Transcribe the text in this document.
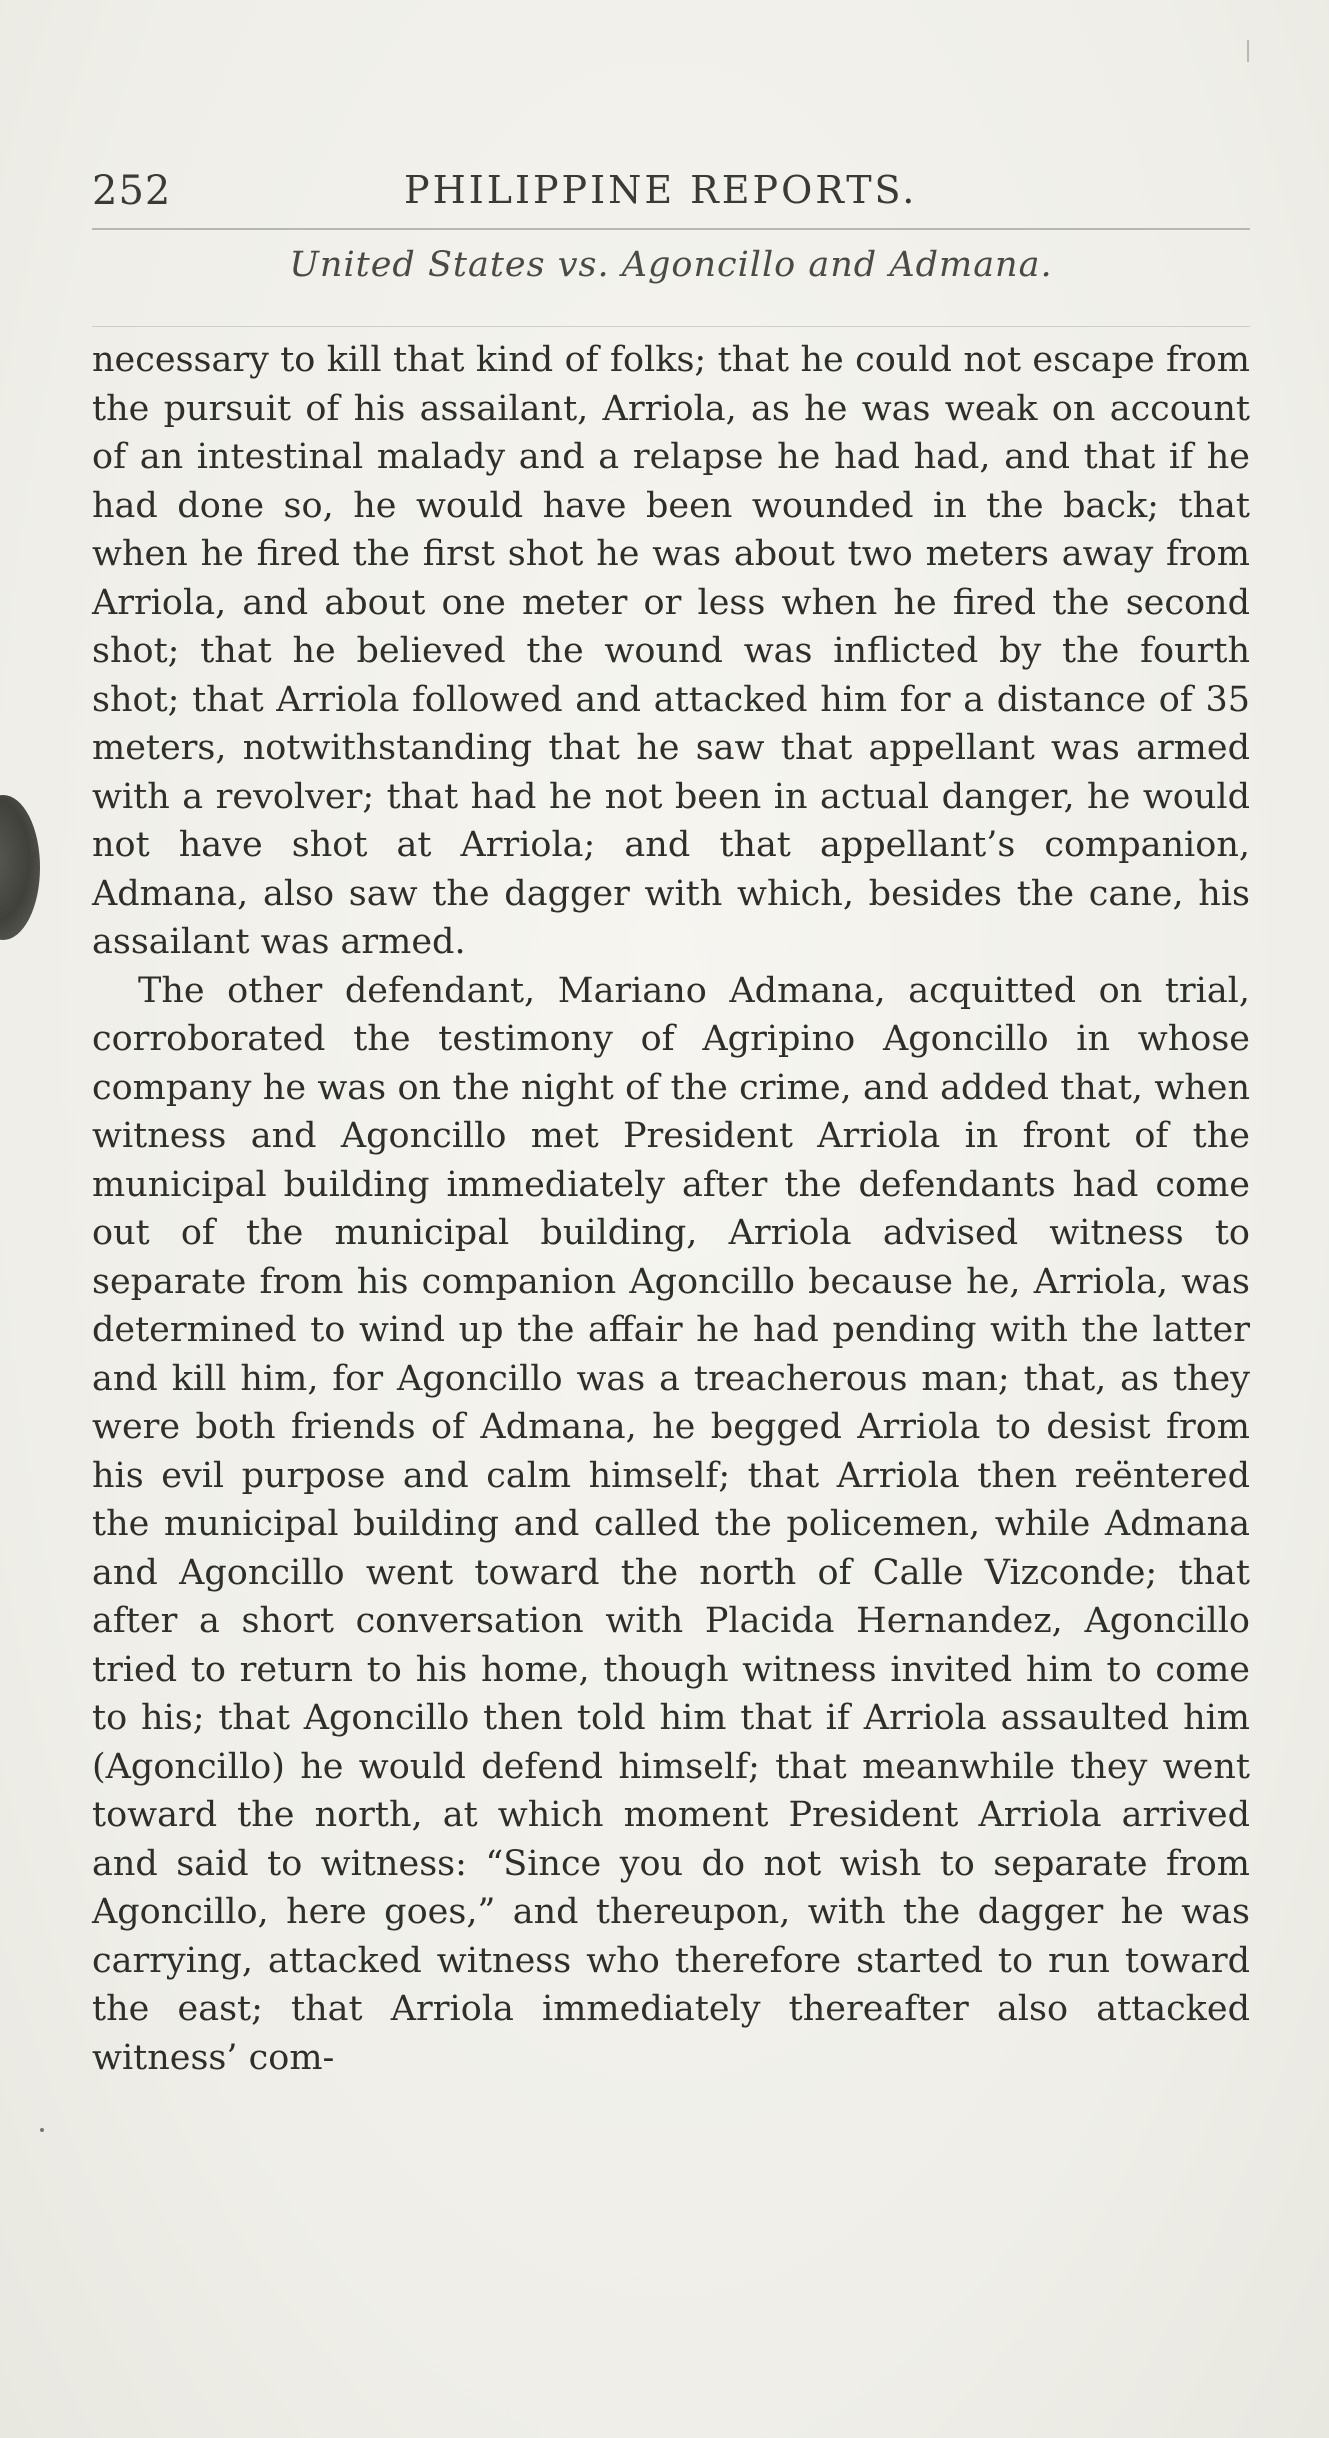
252	PHILIPPINE REPORTS.
United States vs. Agoncillo and Admana.

necessary to kill that kind of folks; that he could not escape from the pursuit of his assailant, Arriola, as he was weak on account of an intestinal malady and a relapse he had had, and that if he had done so, he would have been wounded in the back; that when he fired the first shot he was about two meters away from Arriola, and about one meter or less when he fired the second shot; that he believed the wound was inflicted by the fourth shot; that Arriola followed and attacked him for a distance of 35 meters, notwithstanding that he saw that appellant was armed with a revolver; that had he not been in actual danger, he would not have shot at Arriola; and that appellant’s companion, Admana, also saw the dagger with which, besides the cane, his assailant was armed.

The other defendant, Mariano Admana, acquitted on trial, corroborated the testimony of Agripino Agoncillo in whose company he was on the night of the crime, and added that, when witness and Agoncillo met President Arriola in front of the municipal building immediately after the defendants had come out of the municipal building, Arriola advised witness to separate from his companion Agoncillo because he, Arriola, was determined to wind up the affair he had pending with the latter and kill him, for Agoncillo was a treacherous man; that, as they were both friends of Admana, he begged Arriola to desist from his evil purpose and calm himself; that Arriola then reëntered the municipal building and called the policemen, while Admana and Agoncillo went toward the north of Calle Vizconde; that after a short conversation with Placida Hernandez, Agoncillo tried to return to his home, though witness invited him to come to his; that Agoncillo then told him that if Arriola assaulted him (Agoncillo) he would defend himself; that meanwhile they went toward the north, at which moment President Arriola arrived and said to witness: “Since you do not wish to separate from Agoncillo, here goes,” and thereupon, with the dagger he was carrying, attacked witness who therefore started to run toward the east; that Arriola immediately thereafter also attacked witness’ com-
